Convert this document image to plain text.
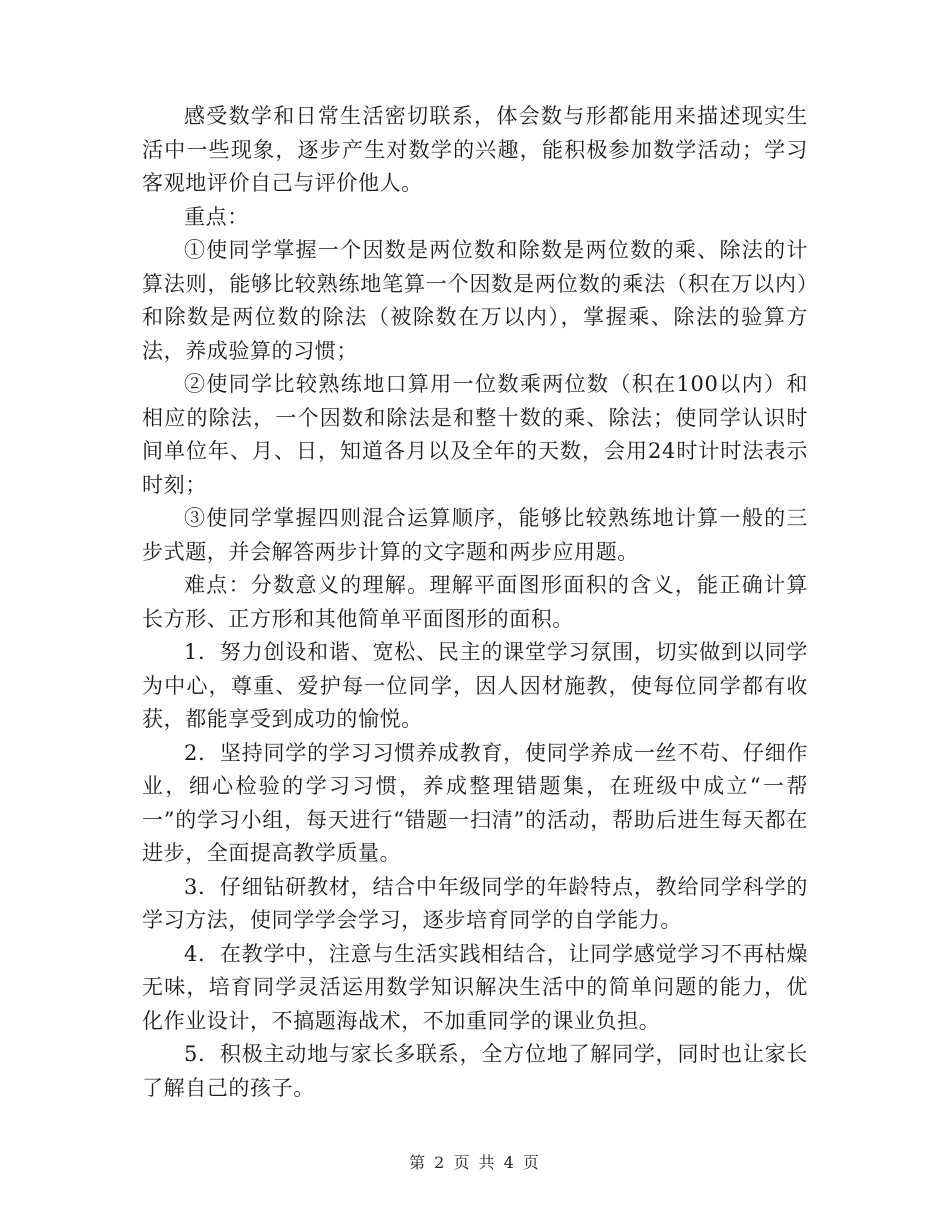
感受数学和日常生活密切联系，体会数与形都能用来描述现实生活中一些现象，逐步产生对数学的兴趣，能积极参加数学活动；学习客观地评价自己与评价他人。

重点：

①使同学掌握一个因数是两位数和除数是两位数的乘、除法的计算法则，能够比较熟练地笔算一个因数是两位数的乘法（积在万以内）和除数是两位数的除法（被除数在万以内），掌握乘、除法的验算方法，养成验算的习惯；

②使同学比较熟练地口算用一位数乘两位数（积在100以内）和相应的除法，一个因数和除法是和整十数的乘、除法；使同学认识时间单位年、月、日，知道各月以及全年的天数，会用24时计时法表示时刻；

③使同学掌握四则混合运算顺序，能够比较熟练地计算一般的三步式题，并会解答两步计算的文字题和两步应用题。

难点：分数意义的理解。理解平面图形面积的含义，能正确计算长方形、正方形和其他简单平面图形的面积。

1．努力创设和谐、宽松、民主的课堂学习氛围，切实做到以同学为中心，尊重、爱护每一位同学，因人因材施教，使每位同学都有收获，都能享受到成功的愉悦。

2．坚持同学的学习习惯养成教育，使同学养成一丝不苟、仔细作业，细心检验的学习习惯，养成整理错题集，在班级中成立“一帮一”的学习小组，每天进行“错题一扫清”的活动，帮助后进生每天都在进步，全面提高教学质量。

3．仔细钻研教材，结合中年级同学的年龄特点，教给同学科学的学习方法，使同学学会学习，逐步培育同学的自学能力。

4．在教学中，注意与生活实践相结合，让同学感觉学习不再枯燥无味，培育同学灵活运用数学知识解决生活中的简单问题的能力，优化作业设计，不搞题海战术，不加重同学的课业负担。

5．积极主动地与家长多联系，全方位地了解同学，同时也让家长了解自己的孩子。

第 2 页 共 4 页
